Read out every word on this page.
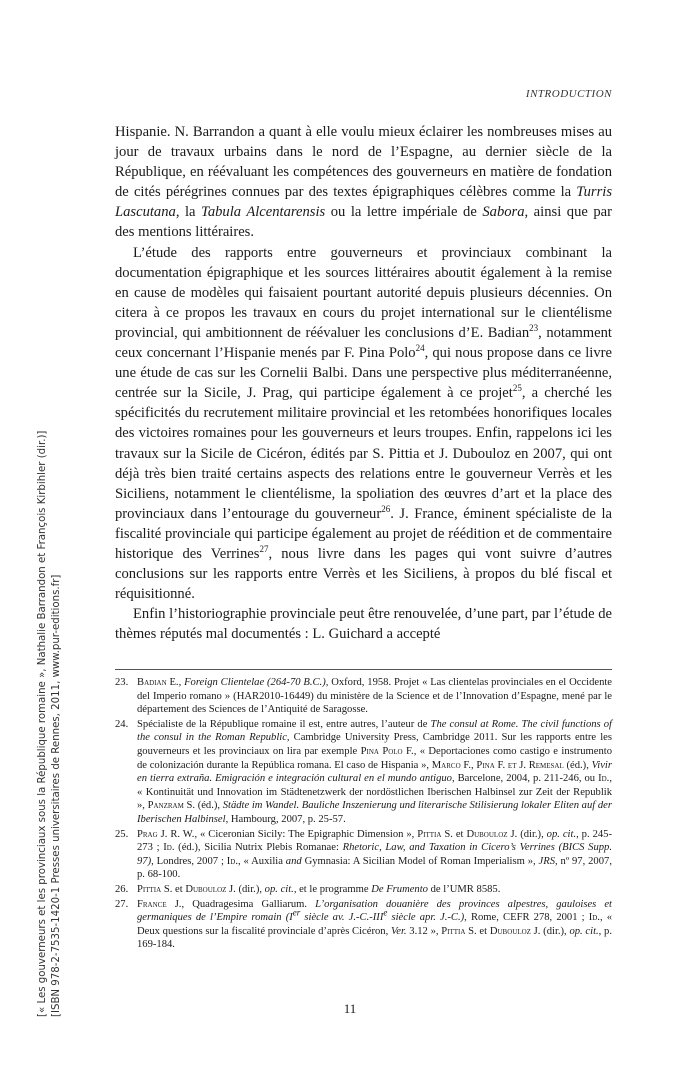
INTRODUCTION

Hispanie. N. Barrandon a quant à elle voulu mieux éclairer les nombreuses mises au jour de travaux urbains dans le nord de l’Espagne, au dernier siècle de la République, en réévaluant les compétences des gouverneurs en matière de fondation de cités pérégrines connues par des textes épigraphiques célèbres comme la Turris Lascutana, la Tabula Alcentarensis ou la lettre impériale de Sabora, ainsi que par des mentions littéraires.

L’étude des rapports entre gouverneurs et provinciaux combinant la documentation épigraphique et les sources littéraires aboutit également à la remise en cause de modèles qui faisaient pourtant autorité depuis plusieurs décennies. On citera à ce propos les travaux en cours du projet international sur le clientélisme provincial, qui ambitionnent de réévaluer les conclusions d’E. Badian$^{23}$, notamment ceux concernant l’Hispanie menés par F. Pina Polo$^{24}$, qui nous propose dans ce livre une étude de cas sur les Cornelii Balbi. Dans une perspective plus méditerranéenne, centrée sur la Sicile, J. Prag, qui participe également à ce projet$^{25}$, a cherché les spécificités du recrutement militaire provincial et les retombées honorifiques locales des victoires romaines pour les gouverneurs et leurs troupes. Enfin, rappelons ici les travaux sur la Sicile de Cicéron, édités par S. Pittia et J. Dubouloz en 2007, qui ont déjà très bien traité certains aspects des relations entre le gouverneur Verrès et les Siciliens, notamment le clientélisme, la spoliation des œuvres d’art et la place des provinciaux dans l’entourage du gouverneur$^{26}$. J. France, éminent spécialiste de la fiscalité provinciale qui participe également au projet de réédition et de commentaire historique des Verrines$^{27}$, nous livre dans les pages qui vont suivre d’autres conclusions sur les rapports entre Verrès et les Siciliens, à propos du blé fiscal et réquisitionné.

Enfin l’historiographie provinciale peut être renouvelée, d’une part, par l’étude de thèmes réputés mal documentés : L. Guichard a accepté

23. Badian E., Foreign Clientelae (264-70 B.C.), Oxford, 1958. Projet « Las clientelas provinciales en el Occidente del Imperio romano » (HAR2010-16449) du ministère de la Science et de l’Innovation d’Espagne, mené par le département des Sciences de l’Antiquité de Saragosse.
24. Spécialiste de la République romaine il est, entre autres, l’auteur de The consul at Rome. The civil functions of the consul in the Roman Republic, Cambridge University Press, Cambridge 2011. Sur les rapports entre les gouverneurs et les provinciaux on lira par exemple Pina Polo F., « Deportaciones como castigo e instrumento de colonización durante la República romana. El caso de Hispania », Marco F., Pina F. et J. Remesal (éd.), Vivir en tierra extraña. Emigración e integración cultural en el mundo antiguo, Barcelone, 2004, p. 211-246, ou Id., « Kontinuität und Innovation im Städtenetzwerk der nordöstlichen Iberischen Halbinsel zur Zeit der Republik », Panzram S. (éd.), Städte im Wandel. Bauliche Inszenierung und literarische Stilisierung lokaler Eliten auf der Iberischen Halbinsel, Hambourg, 2007, p. 25-57.
25. Prag J. R. W., « Ciceronian Sicily: The Epigraphic Dimension », Pittia S. et Dubouloz J. (dir.), op. cit., p. 245-273 ; Id. (éd.), Sicilia Nutrix Plebis Romanae: Rhetoric, Law, and Taxation in Cicero’s Verrines (BICS Supp. 97), Londres, 2007 ; Id., « Auxilia and Gymnasia: A Sicilian Model of Roman Imperialism », JRS, nº 97, 2007, p. 68-100.
26. Pittia S. et Dubouloz J. (dir.), op. cit., et le programme De Frumento de l’UMR 8585.
27. France J., Quadragesima Galliarum. L’organisation douanière des provinces alpestres, gauloises et germaniques de l’Empire romain (Ier siècle av. J.-C.-IIIe siècle apr. J.-C.), Rome, CEFR 278, 2001 ; Id., « Deux questions sur la fiscalité provinciale d’après Cicéron, Ver. 3.12 », Pittia S. et Dubouloz J. (dir.), op. cit., p. 169-184.
11
[« Les gouverneurs et les provinciaux sous la République romaine », Nathalie Barrandon et François Kirbihler (dir.)] [ISBN 978-2-7535-1420-1 Presses universitaires de Rennes, 2011, www.pur-editions.fr]
